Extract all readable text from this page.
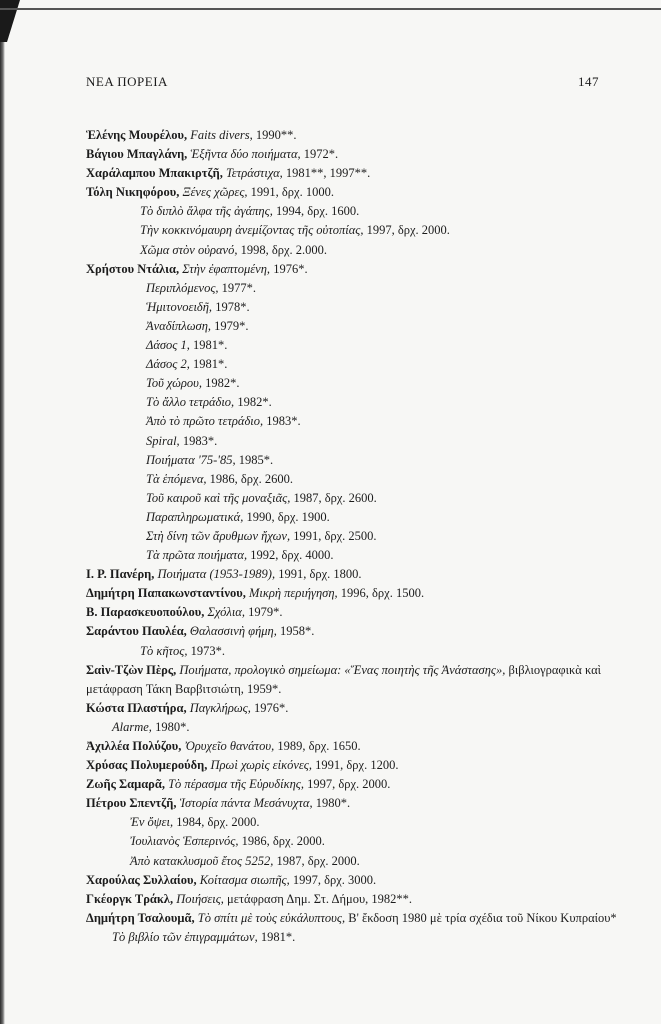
ΝΕΑ ΠΟΡΕΙΑ	147
Ἑλένης Μουρέλου, Faits divers, 1990**.
Βάγιου Μπαγλάνη, Ἑξῆντα δύο ποιήματα, 1972*.
Χαράλαμπου Μπακιρτζῆ, Τετράστιχα, 1981**, 1997**.
Τόλη Νικηφόρου, Ξένες χῶρες, 1991, δρχ. 1000.
Τὸ διπλὸ ἄλφα τῆς ἀγάπης, 1994, δρχ. 1600.
Τὴν κοκκινόμαυρη ἀνεμίζοντας τῆς οὐτοπίας, 1997, δρχ. 2000.
Χῶμα στὸν οὐρανό, 1998, δρχ. 2.000.
Χρήστου Ντάλια, Στὴν ἐφαπτομένη, 1976*.
Περιπλόμενος, 1977*.
Ἡμιτονοειδῆ, 1978*.
Ἀναδίπλωση, 1979*.
Δάσος 1, 1981*.
Δάσος 2, 1981*.
Τοῦ χώρου, 1982*.
Τὸ ἄλλο τετράδιο, 1982*.
Ἀπὸ τὸ πρῶτο τετράδιο, 1983*.
Spiral, 1983*.
Ποιήματα '75-'85, 1985*.
Τὰ ἑπόμενα, 1986, δρχ. 2600.
Τοῦ καιροῦ καὶ τῆς μοναξιᾶς, 1987, δρχ. 2600.
Παραπληρωματικά, 1990, δρχ. 1900.
Στὴ δίνη τῶν ἄρυθμων ἤχων, 1991, δρχ. 2500.
Τὰ πρῶτα ποιήματα, 1992, δρχ. 4000.
Ι. Ρ. Πανέρη, Ποιήματα (1953-1989), 1991, δρχ. 1800.
Δημήτρη Παπακωνσταντίνου, Μικρὴ περιήγηση, 1996, δρχ. 1500.
Β. Παρασκευοπούλου, Σχόλια, 1979*.
Σαράντου Παυλέα, Θαλασσινὴ φήμη, 1958*.
Τὸ κῆτος, 1973*.
Σαὶν-Τζὼν Πὲρς, Ποιήματα, προλογικὸ σημείωμα: «Ἕνας ποιητὴς τῆς Ἀνάστασης», βιβλιογραφικὰ καὶ μετάφραση Τάκη Βαρβιτσιώτη, 1959*.
Κώστα Πλαστήρα, Παγκλήρως, 1976*.
Alarme, 1980*.
Ἀχιλλέα Πολύζου, Ὀρυχεῖο θανάτου, 1989, δρχ. 1650.
Χρύσας Πολυμερούδη, Πρωὶ χωρὶς εἰκόνες, 1991, δρχ. 1200.
Ζωῆς Σαμαρᾶ, Τὸ πέρασμα τῆς Εὐρυδίκης, 1997, δρχ. 2000.
Πέτρου Σπεντζῆ, Ἱστορία πάντα Μεσάνυχτα, 1980*.
Ἐν ὄψει, 1984, δρχ. 2000.
Ἰουλιανὸς Ἑσπερινός, 1986, δρχ. 2000.
Ἀπὸ κατακλυσμοῦ ἔτος 5252, 1987, δρχ. 2000.
Χαρούλας Συλλαίου, Κοίτασμα σιωπῆς, 1997, δρχ. 3000.
Γκέοργκ Τράκλ, Ποιήσεις, μετάφραση Δημ. Στ. Δήμου, 1982**.
Δημήτρη Τσαλουμᾶ, Τὸ σπίτι μὲ τοὺς εὐκάλυπτους, Β' ἔκδοση 1980 μὲ τρία σχέδια τοῦ Νίκου Κυπραίου*
Τὸ βιβλίο τῶν ἐπιγραμμάτων, 1981*.
